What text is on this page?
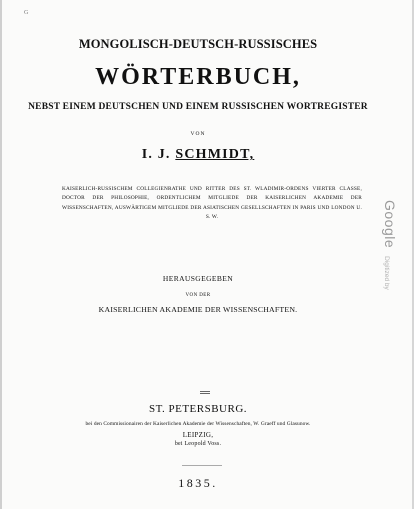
G
MONGOLISCH-DEUTSCH-RUSSISCHES
WÖRTERBUCH,
NEBST EINEM DEUTSCHEN UND EINEM RUSSISCHEN WORTREGISTER
VON
I. J. SCHMIDT,
KAISERLICH-RUSSISCHEM COLLEGIENRATHE UND RITTER DES ST. WLADIMIR-ORDENS VIERTER CLASSE, DOCTOR DER PHILOSOPHIE, ORDENTLICHEM MITGLIEDE DER KAISERLICHEN AKADEMIE DER WISSENSCHAFTEN, AUSWÄRTIGEM MITGLIEDE DER ASIATISCHEN GESELLSCHAFTEN IN PARIS UND LONDON U. S. W.
HERAUSGEGEBEN
VON DER
KAISERLICHEN AKADEMIE DER WISSENSCHAFTEN.
ST. PETERSBURG.
bei den Commissionairen der Kaiserlichen Akademie der Wissenschaften, W. Graeff und Glasunow.
LEIPZIG,
bei Leopold Voss.
1835.
Google Digitized by
